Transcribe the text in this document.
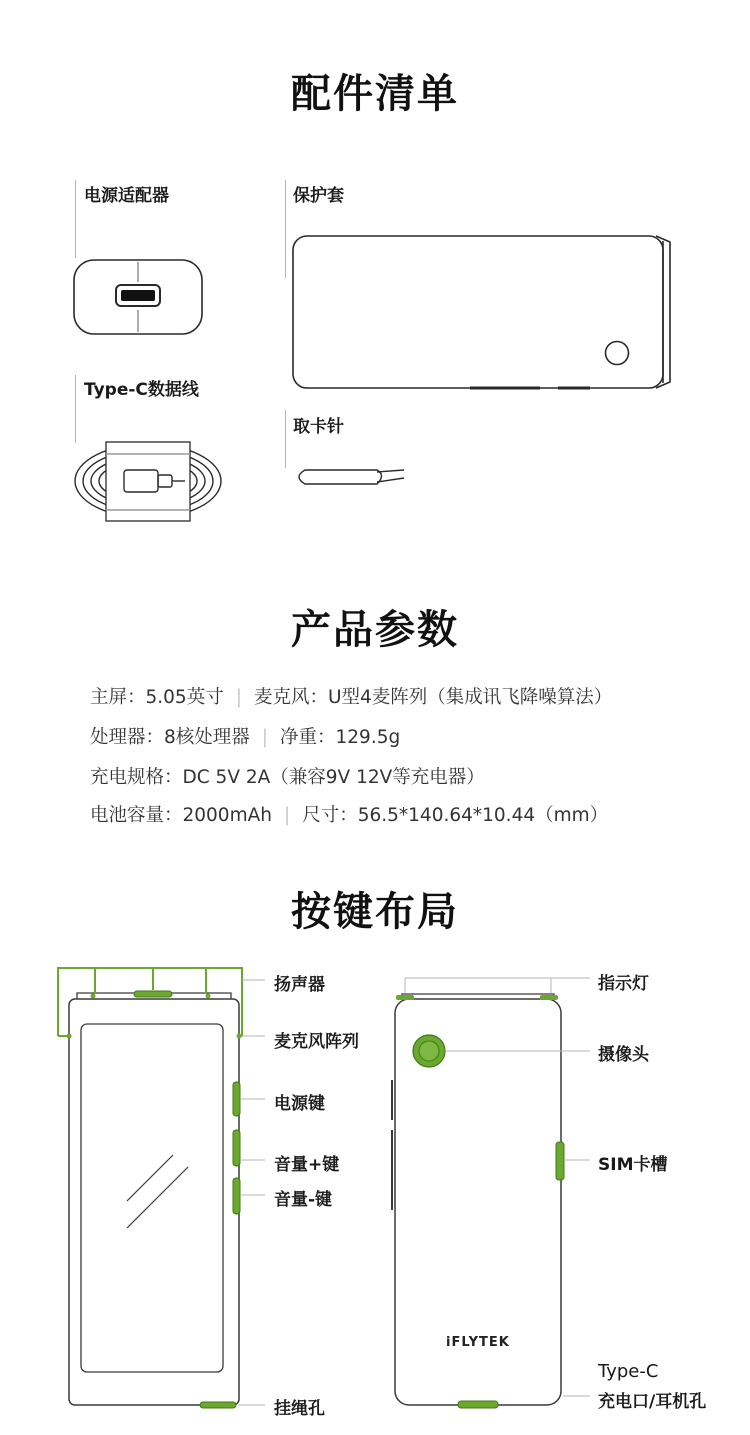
配件清单
电源适配器
Type-C数据线
保护套
取卡针
产品参数
主屏：5.05英寸 | 麦克风：U型4麦阵列（集成讯飞降噪算法）
处理器：8核处理器 | 净重：129.5g
充电规格：DC 5V 2A（兼容9V 12V等充电器）
电池容量：2000mAh | 尺寸：56.5*140.64*10.44（mm）
按键布局
iFLYTEK
扬声器
麦克风阵列
电源键
音量+键
音量-键
挂绳孔
指示灯
摄像头
SIM卡槽
Type-C
充电口/耳机孔
